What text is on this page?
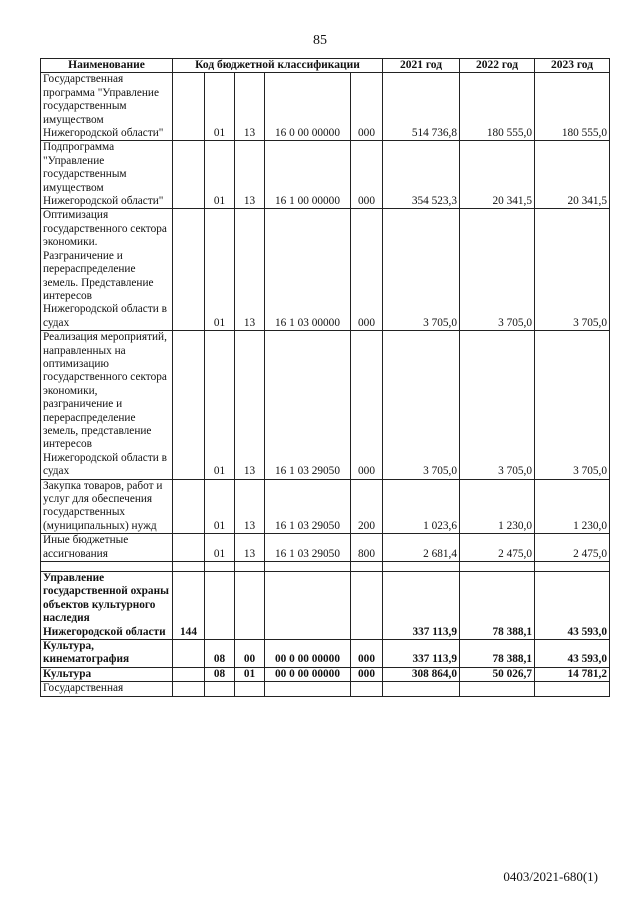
85
Наименование	Код бюджетной классификации					2021 год	2022 год	2023 год
Государственная программа "Управление государственным имуществом Нижегородской области"		01	13	16 0 00 00000	000	514 736,8	180 555,0	180 555,0
Подпрограмма "Управление государственным имуществом Нижегородской области"		01	13	16 1 00 00000	000	354 523,3	20 341,5	20 341,5
Оптимизация государственного сектора экономики. Разграничение и перераспределение земель. Представление интересов Нижегородской области в судах		01	13	16 1 03 00000	000	3 705,0	3 705,0	3 705,0
Реализация мероприятий, направленных на оптимизацию государственного сектора экономики, разграничение и перераспределение земель, представление интересов Нижегородской области в судах		01	13	16 1 03 29050	000	3 705,0	3 705,0	3 705,0
Закупка товаров, работ и услуг для обеспечения государственных (муниципальных) нужд		01	13	16 1 03 29050	200	1 023,6	1 230,0	1 230,0
Иные бюджетные ассигнования		01	13	16 1 03 29050	800	2 681,4	2 475,0	2 475,0

Управление государственной охраны объектов культурного наследия Нижегородской области	144					337 113,9	78 388,1	43 593,0
Культура, кинематография		08	00	00 0 00 00000	000	337 113,9	78 388,1	43 593,0
Культура		08	01	00 0 00 00000	000	308 864,0	50 026,7	14 781,2
Государственная								
0403/2021-680(1)
